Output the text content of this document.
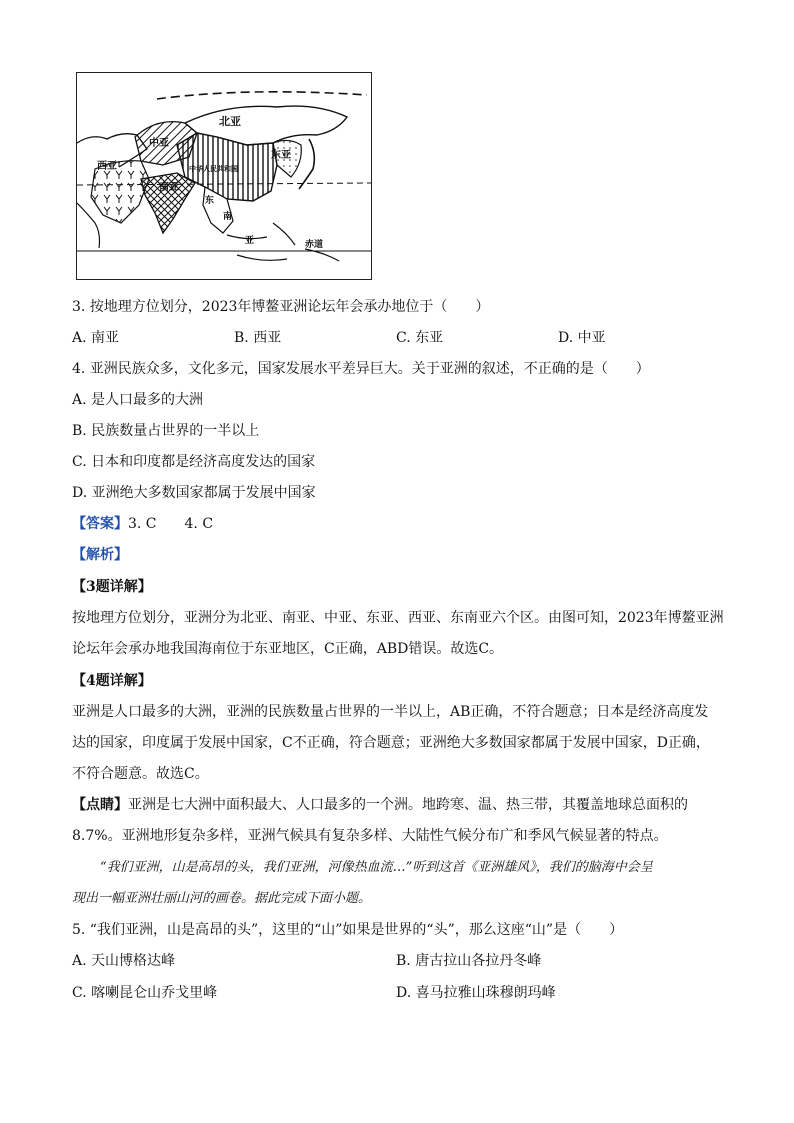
北亚
中亚
西亚
东亚
南亚
中华人民共和国
东
南
亚	赤道
3. 按地理方位划分，2023年博鳌亚洲论坛年会承办地位于（　　）
A. 南亚	B. 西亚	C. 东亚	D. 中亚
4. 亚洲民族众多，文化多元，国家发展水平差异巨大。关于亚洲的叙述，不正确的是（　　）
A. 是人口最多的大洲
B. 民族数量占世界的一半以上
C. 日本和印度都是经济高度发达的国家
D. 亚洲绝大多数国家都属于发展中国家
【答案】3. C　　4. C
【解析】
【3题详解】
按地理方位划分，亚洲分为北亚、南亚、中亚、东亚、西亚、东南亚六个区。由图可知，2023年博鳌亚洲
论坛年会承办地我国海南位于东亚地区，C正确，ABD错误。故选C。
【4题详解】
亚洲是人口最多的大洲，亚洲的民族数量占世界的一半以上，AB正确，不符合题意；日本是经济高度发
达的国家，印度属于发展中国家，C不正确，符合题意；亚洲绝大多数国家都属于发展中国家，D正确，
不符合题意。故选C。
【点睛】亚洲是七大洲中面积最大、人口最多的一个洲。地跨寒、温、热三带，其覆盖地球总面积的
8.7%。亚洲地形复杂多样，亚洲气候具有复杂多样、大陆性气候分布广和季风气候显著的特点。
“我们亚洲，山是高昂的头，我们亚洲，河像热血流…”听到这首《亚洲雄风》，我们的脑海中会呈
现出一幅亚洲壮丽山河的画卷。据此完成下面小题。
5. “我们亚洲，山是高昂的头”，这里的“山”如果是世界的“头”，那么这座“山”是（　　）
A. 天山博格达峰	B. 唐古拉山各拉丹冬峰
C. 喀喇昆仑山乔戈里峰	D. 喜马拉雅山珠穆朗玛峰
